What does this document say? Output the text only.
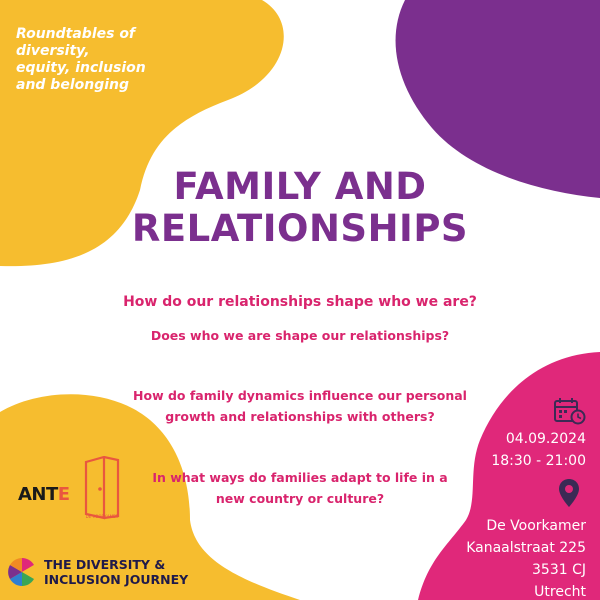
Roundtables of
diversity,
equity, inclusion
and belonging
FAMILY AND
RELATIONSHIPS
How do our relationships shape who we are?
Does who we are shape our relationships?
How do family dynamics influence our personal
growth and relationships with others?
In what ways do families adapt to life in a
new country or culture?
04.09.2024
18:30 - 21:00
De Voorkamer
Kanaalstraat 225
3531 CJ
Utrecht
ANTE
DE VOORKAMER
THE DIVERSITY &
INCLUSION JOURNEY
